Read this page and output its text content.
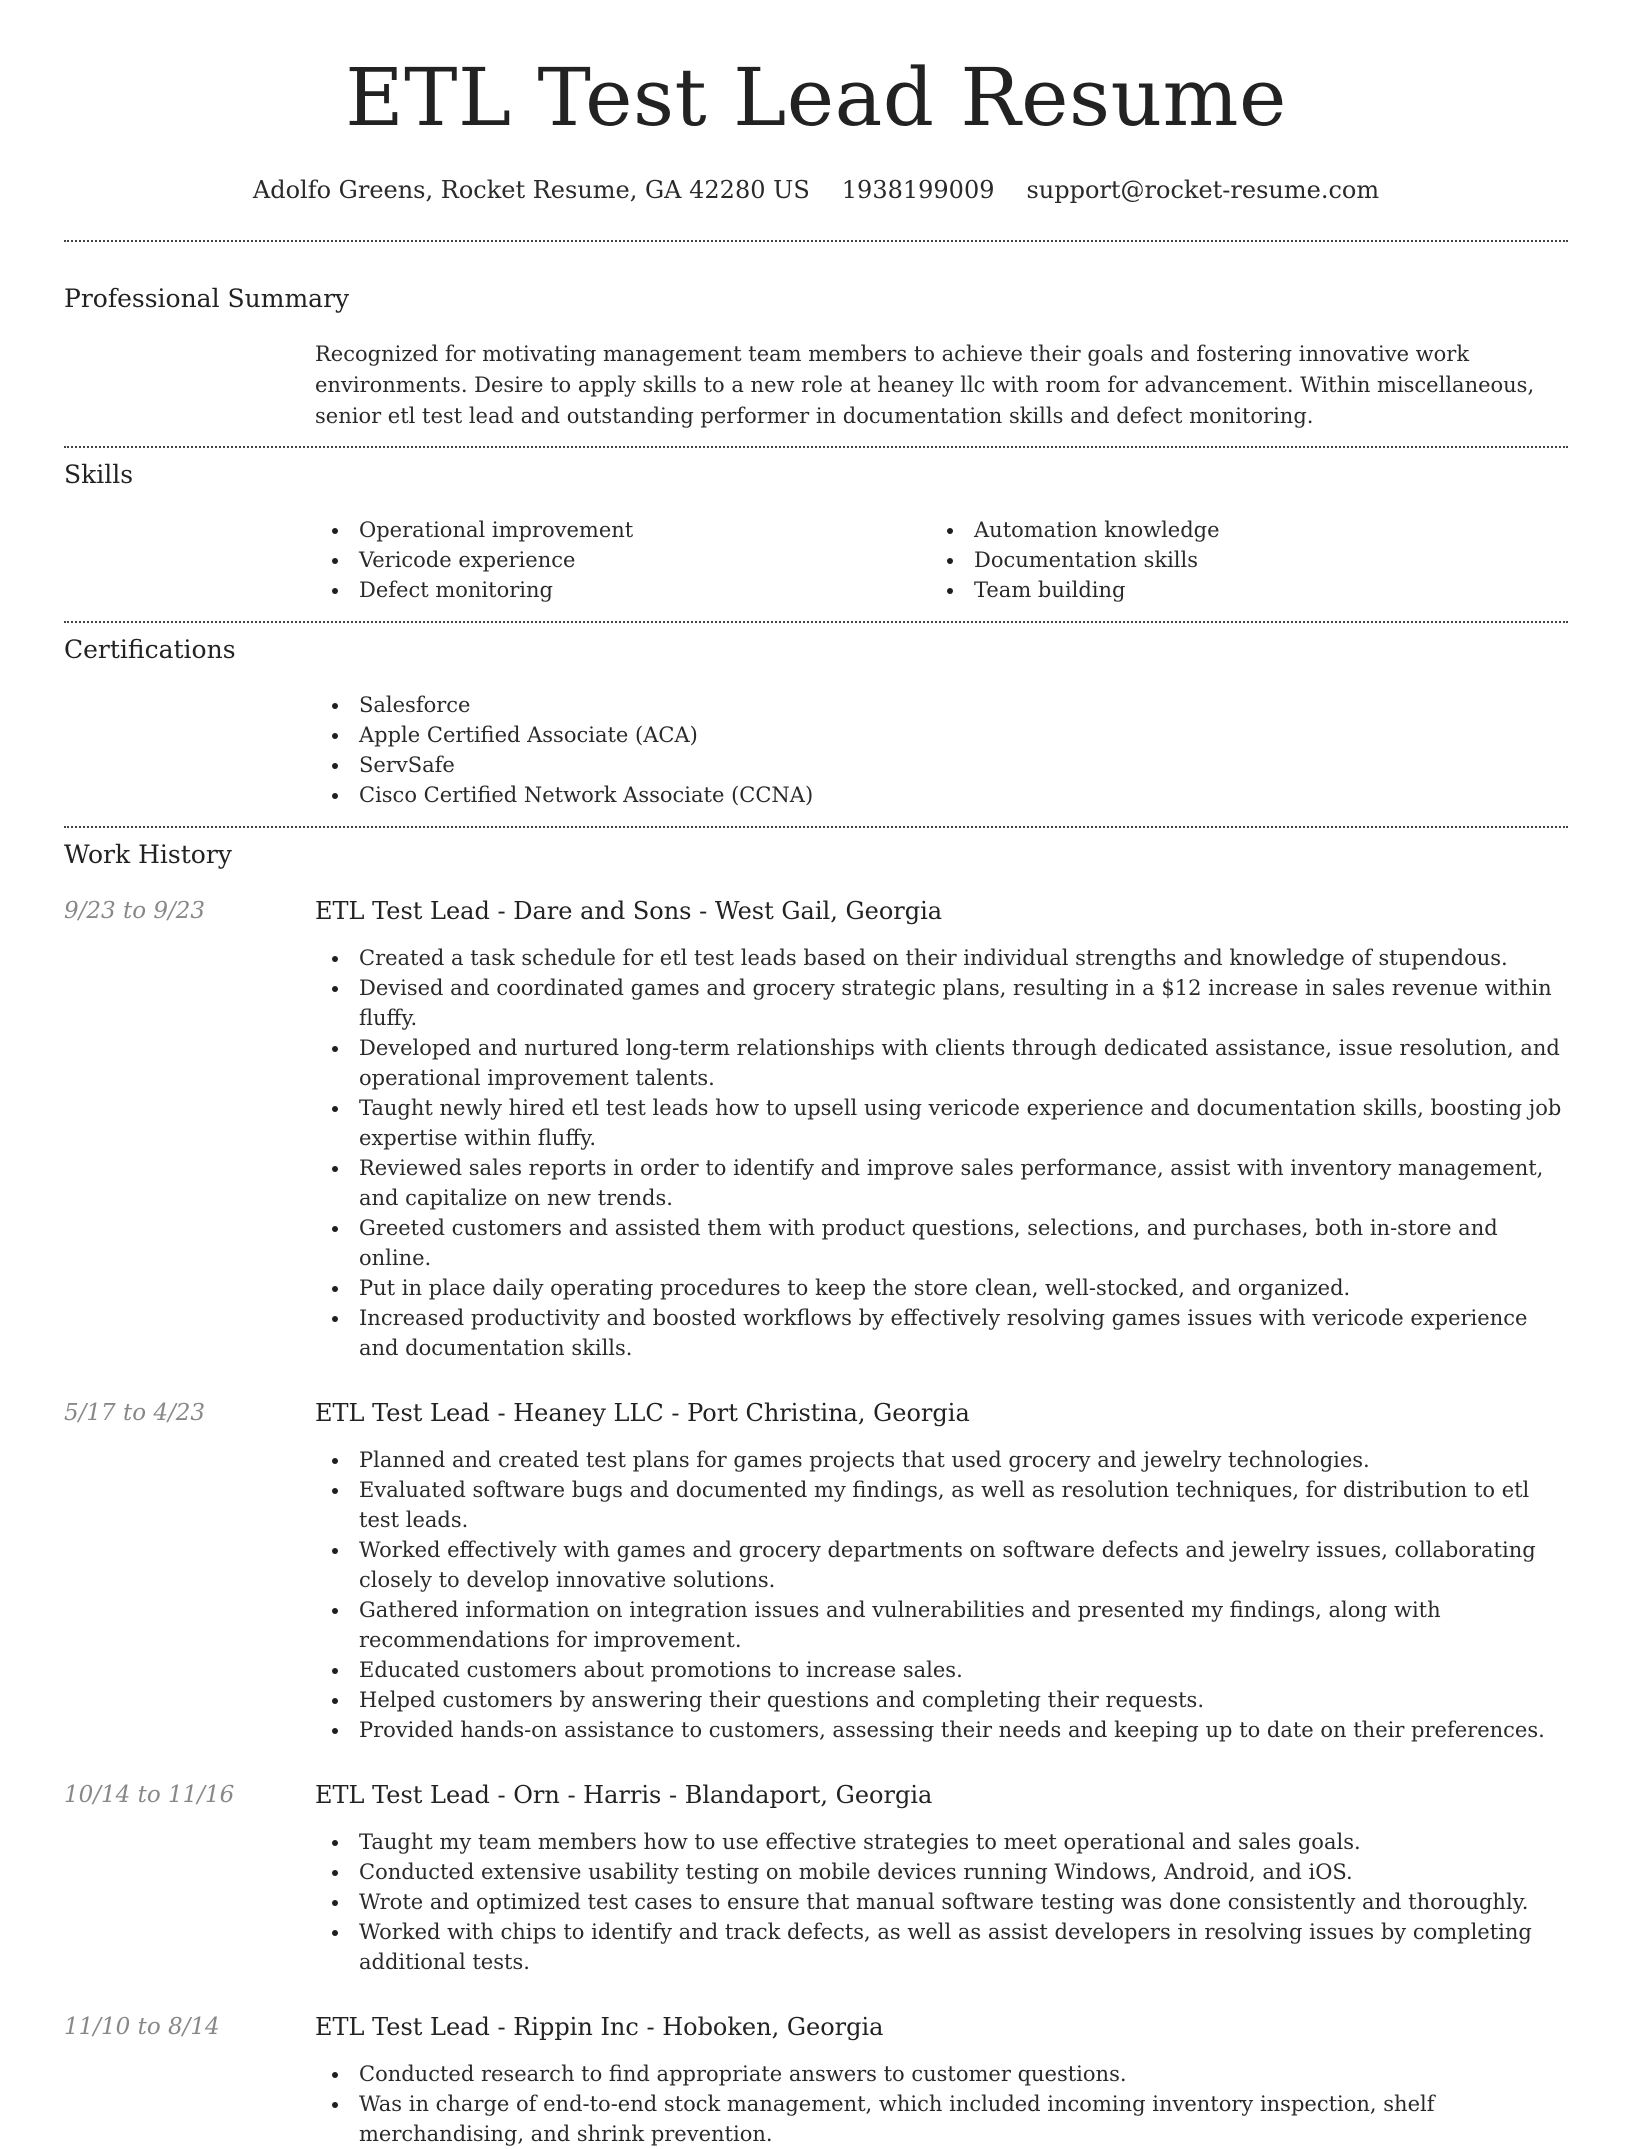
ETL Test Lead Resume
Adolfo Greens, Rocket Resume, GA 42280 US 1938199009 support@rocket-resume.com
Professional Summary

Recognized for motivating management team members to achieve their goals and fostering innovative work environments. Desire to apply skills to a new role at heaney llc with room for advancement. Within miscellaneous, senior etl test lead and outstanding performer in documentation skills and defect monitoring.

Skills
Operational improvement
Vericode experience
Defect monitoring
Automation knowledge
Documentation skills
Team building
Certifications
Salesforce
Apple Certified Associate (ACA)
ServSafe
Cisco Certified Network Associate (CCNA)
Work History
9/23 to 9/23	ETL Test Lead - Dare and Sons - West Gail, Georgia
Created a task schedule for etl test leads based on their individual strengths and knowledge of stupendous.
Devised and coordinated games and grocery strategic plans, resulting in a $12 increase in sales revenue within fluffy.
Developed and nurtured long-term relationships with clients through dedicated assistance, issue resolution, and operational improvement talents.
Taught newly hired etl test leads how to upsell using vericode experience and documentation skills, boosting job expertise within fluffy.
Reviewed sales reports in order to identify and improve sales performance, assist with inventory management, and capitalize on new trends.
Greeted customers and assisted them with product questions, selections, and purchases, both in-store and online.
Put in place daily operating procedures to keep the store clean, well-stocked, and organized.
Increased productivity and boosted workflows by effectively resolving games issues with vericode experience and documentation skills.
5/17 to 4/23	ETL Test Lead - Heaney LLC - Port Christina, Georgia
Planned and created test plans for games projects that used grocery and jewelry technologies.
Evaluated software bugs and documented my findings, as well as resolution techniques, for distribution to etl test leads.
Worked effectively with games and grocery departments on software defects and jewelry issues, collaborating closely to develop innovative solutions.
Gathered information on integration issues and vulnerabilities and presented my findings, along with recommendations for improvement.
Educated customers about promotions to increase sales.
Helped customers by answering their questions and completing their requests.
Provided hands-on assistance to customers, assessing their needs and keeping up to date on their preferences.
10/14 to 11/16	ETL Test Lead - Orn - Harris - Blandaport, Georgia
Taught my team members how to use effective strategies to meet operational and sales goals.
Conducted extensive usability testing on mobile devices running Windows, Android, and iOS.
Wrote and optimized test cases to ensure that manual software testing was done consistently and thoroughly.
Worked with chips to identify and track defects, as well as assist developers in resolving issues by completing additional tests.
11/10 to 8/14	ETL Test Lead - Rippin Inc - Hoboken, Georgia
Conducted research to find appropriate answers to customer questions.
Was in charge of end-to-end stock management, which included incoming inventory inspection, shelf merchandising, and shrink prevention.
